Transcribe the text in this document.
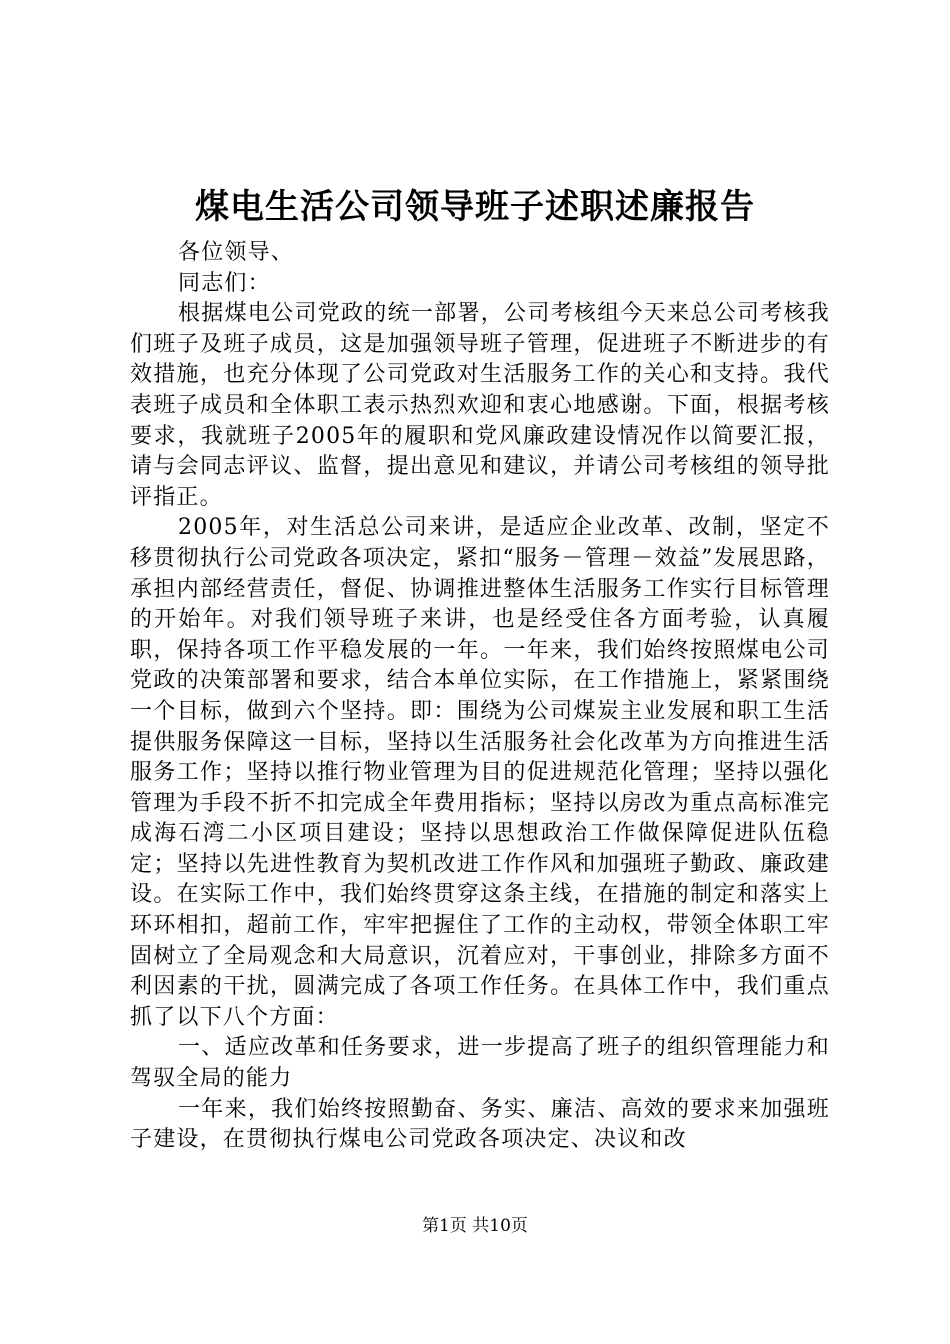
煤电生活公司领导班子述职述廉报告

各位领导、

同志们：

根据煤电公司党政的统一部署，公司考核组今天来总公司考核我们班子及班子成员，这是加强领导班子管理，促进班子不断进步的有效措施，也充分体现了公司党政对生活服务工作的关心和支持。我代表班子成员和全体职工表示热烈欢迎和衷心地感谢。下面，根据考核要求，我就班子2005年的履职和党风廉政建设情况作以简要汇报，请与会同志评议、监督，提出意见和建议，并请公司考核组的领导批评指正。

2005年，对生活总公司来讲，是适应企业改革、改制，坚定不移贯彻执行公司党政各项决定，紧扣“服务－管理－效益”发展思路，承担内部经营责任，督促、协调推进整体生活服务工作实行目标管理的开始年。对我们领导班子来讲，也是经受住各方面考验，认真履职，保持各项工作平稳发展的一年。一年来，我们始终按照煤电公司党政的决策部署和要求，结合本单位实际，在工作措施上，紧紧围绕一个目标，做到六个坚持。即：围绕为公司煤炭主业发展和职工生活提供服务保障这一目标，坚持以生活服务社会化改革为方向推进生活服务工作；坚持以推行物业管理为目的促进规范化管理；坚持以强化管理为手段不折不扣完成全年费用指标；坚持以房改为重点高标准完成海石湾二小区项目建设；坚持以思想政治工作做保障促进队伍稳定；坚持以先进性教育为契机改进工作作风和加强班子勤政、廉政建设。在实际工作中，我们始终贯穿这条主线，在措施的制定和落实上环环相扣，超前工作，牢牢把握住了工作的主动权，带领全体职工牢固树立了全局观念和大局意识，沉着应对，干事创业，排除多方面不利因素的干扰，圆满完成了各项工作任务。在具体工作中，我们重点抓了以下八个方面：

一、适应改革和任务要求，进一步提高了班子的组织管理能力和驾驭全局的能力

一年来，我们始终按照勤奋、务实、廉洁、高效的要求来加强班子建设，在贯彻执行煤电公司党政各项决定、决议和改

第1页 共10页
